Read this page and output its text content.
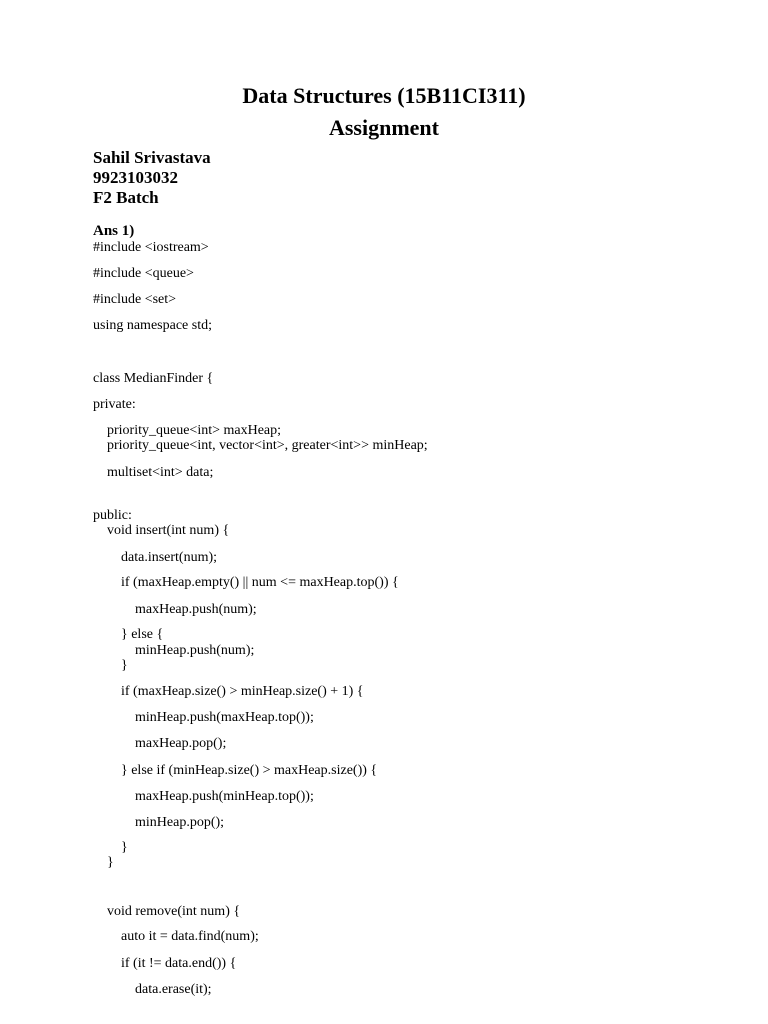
Data Structures (15B11CI311)
Assignment
Sahil Srivastava
9923103032
F2 Batch
Ans 1)
#include <iostream>
#include <queue>
#include <set>
using namespace std;
class MedianFinder {
private:
priority_queue<int> maxHeap;
priority_queue<int, vector<int>, greater<int>> minHeap;
multiset<int> data;
public:
void insert(int num) {
data.insert(num);
if (maxHeap.empty() || num <= maxHeap.top()) {
maxHeap.push(num);
} else {
minHeap.push(num);
}
if (maxHeap.size() > minHeap.size() + 1) {
minHeap.push(maxHeap.top());
maxHeap.pop();
} else if (minHeap.size() > maxHeap.size()) {
maxHeap.push(minHeap.top());
minHeap.pop();
}
}
void remove(int num) {
auto it = data.find(num);
if (it != data.end()) {
data.erase(it);
